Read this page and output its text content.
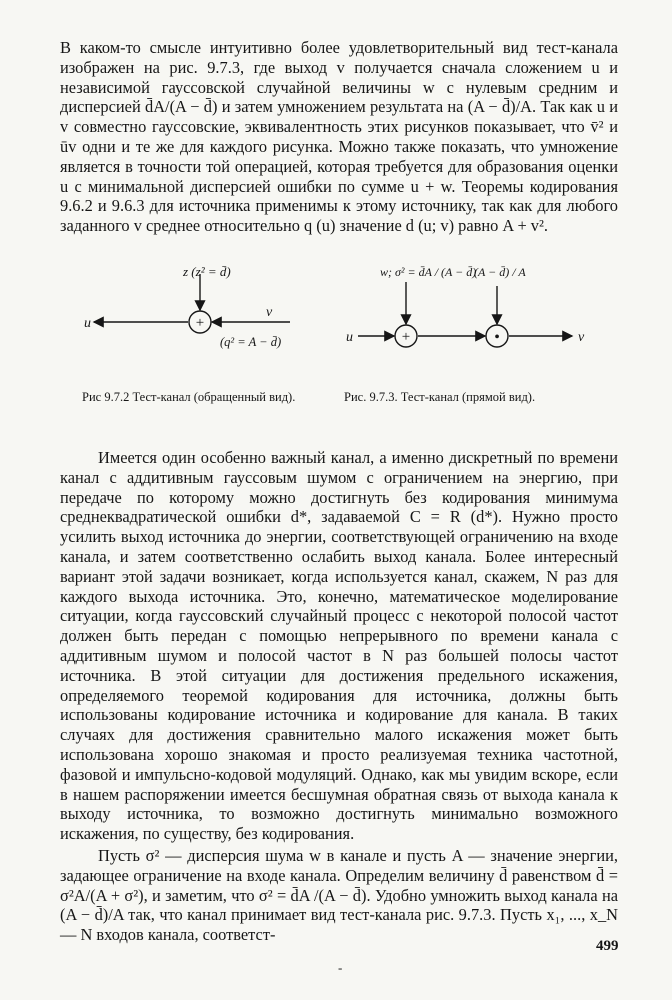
В каком-то смысле интуитивно более удовлетворительный вид тест-канала изображен на рис. 9.7.3, где выход v получается сначала сложением u и независимой гауссовской случайной величины w с нулевым средним и дисперсией d̄A/(A − d̄) и затем умножением результата на (A − d̄)/A. Так как u и v совместно гауссовские, эквивалентность этих рисунков показывает, что v̄² и ūv одни и те же для каждого рисунка. Можно также показать, что умножение является в точности той операцией, которая требуется для образования оценки u с минимальной дисперсией ошибки по сумме u + w. Теоремы кодирования 9.6.2 и 9.6.3 для источника применимы к этому источнику, так как для любого заданного v среднее относительно q (u) значение d (u; v) равно A + v².

+
z (z² = d̄)
u
v
(q² = A − d̄)
Рис 9.7.2 Тест-канал (обращенный вид).
+	•
u	v
w; σ² = d̄A / (A − d̄)
(A − d̄) / A
Рис. 9.7.3. Тест-канал (прямой вид).

Имеется один особенно важный канал, а именно дискретный по времени канал с аддитивным гауссовым шумом с ограничением на энергию, при передаче по которому можно достигнуть без кодирования минимума среднеквадратической ошибки d*, задаваемой C = R (d*). Нужно просто усилить выход источника до энергии, соответствующей ограничению на входе канала, и затем соответственно ослабить выход канала. Более интересный вариант этой задачи возникает, когда используется канал, скажем, N раз для каждого выхода источника. Это, конечно, математическое моделирование ситуации, когда гауссовский случайный процесс с некоторой полосой частот должен быть передан с помощью непрерывного по времени канала с аддитивным шумом и полосой частот в N раз большей полосы частот источника. В этой ситуации для достижения предельного искажения, определяемого теоремой кодирования для источника, должны быть использованы кодирование источника и кодирование для канала. В таких случаях для достижения сравнительно малого искажения может быть использована хорошо знакомая и просто реализуемая техника частотной, фазовой и импульсно-кодовой модуляций. Однако, как мы увидим вскоре, если в нашем распоряжении имеется бесшумная обратная связь от выхода канала к выходу источника, то возможно достигнуть минимально возможного искажения, по существу, без кодирования.

Пусть σ² — дисперсия шума w в канале и пусть A — значение энергии, задающее ограничение на входе канала. Определим величину d̄ равенством d̄ = σ²A/(A + σ²), и заметим, что σ² = d̄A /(A − d̄). Удобно умножить выход канала на (A − d̄)/A так, что канал принимает вид тест-канала рис. 9.7.3. Пусть x₁, ..., x_N — N входов канала, соответст-

499
-
